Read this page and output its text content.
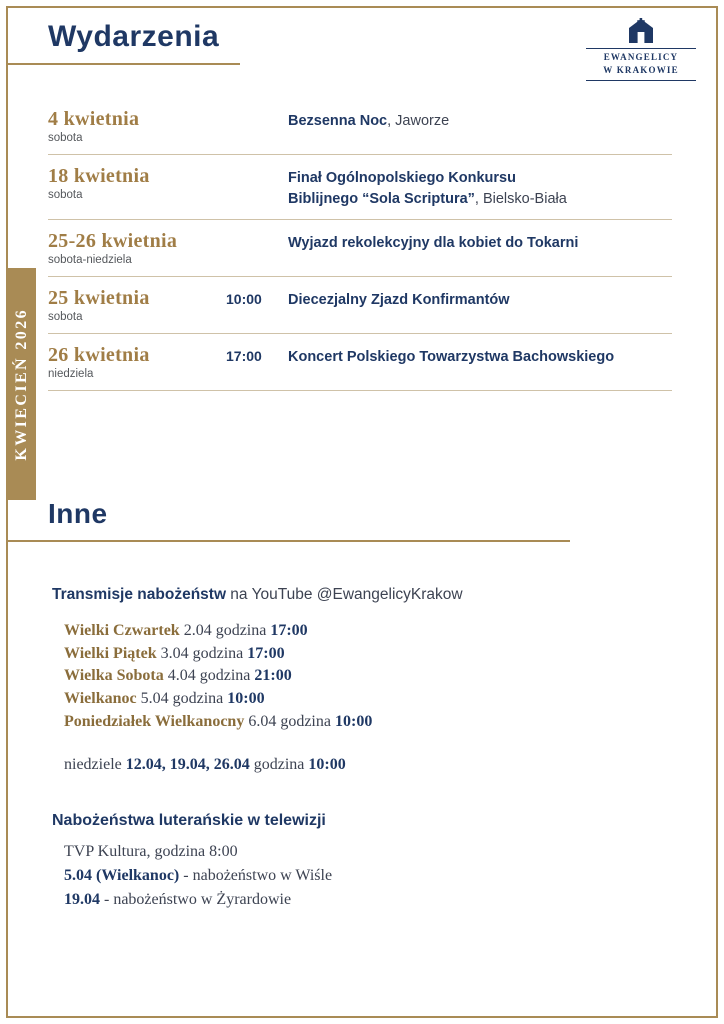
KWIECIEŃ 2026
Wydarzenia
EWANGELICY
W KRAKOWIE
4 kwietnia
sobota
Bezsenna Noc, Jaworze
18 kwietnia
sobota
Finał Ogólnopolskiego Konkursu
Biblijnego “Sola Scriptura”, Bielsko-Biała
25-26 kwietnia
sobota-niedziela
Wyjazd rekolekcyjny dla kobiet do Tokarni
25 kwietnia
sobota
10:00	Diecezjalny Zjazd Konfirmantów
26 kwietnia
niedziela
17:00	Koncert Polskiego Towarzystwa Bachowskiego
Inne
Transmisje nabożeństw na YouTube @EwangelicyKrakow
Wielki Czwartek 2.04 godzina 17:00
Wielki Piątek 3.04 godzina 17:00
Wielka Sobota 4.04 godzina 21:00
Wielkanoc 5.04 godzina 10:00
Poniedziałek Wielkanocny 6.04 godzina 10:00
niedziele 12.04, 19.04, 26.04 godzina 10:00
Nabożeństwa luterańskie w telewizji
TVP Kultura, godzina 8:00
5.04 (Wielkanoc) - nabożeństwo w Wiśle
19.04 - nabożeństwo w Żyrardowie
